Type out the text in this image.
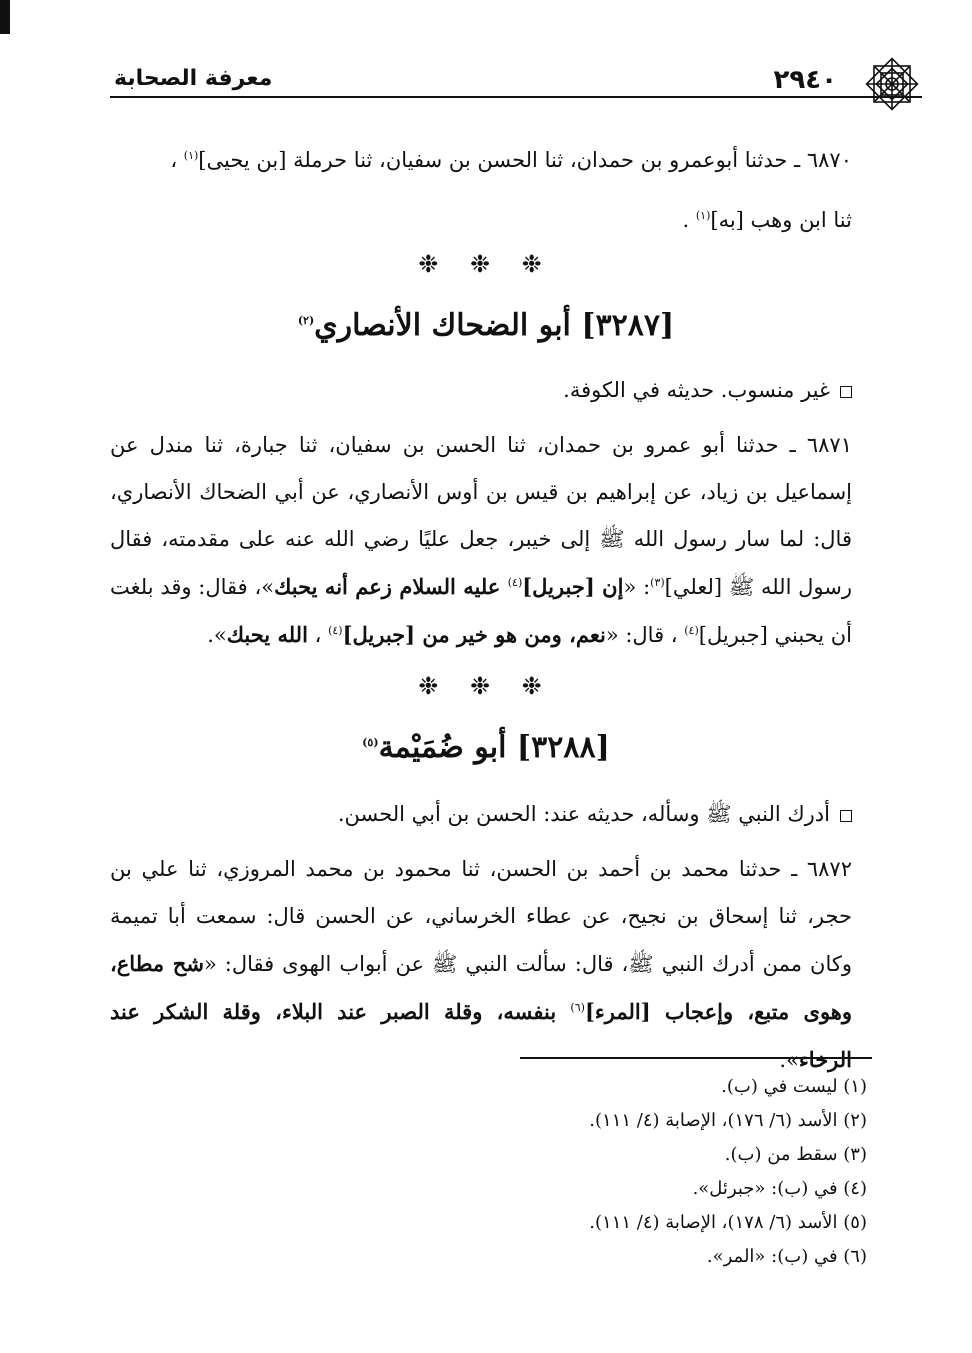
٢٩٤٠
معرفة الصحابة

٦٨٧٠ ـ حدثنا أبوعمرو بن حمدان، ثنا الحسن بن سفيان، ثنا حرملة [بن يحيى]$^{(١)}$ ،

ثنا ابن وهب [به]$^{(١)}$ .

❉ ❉ ❉
[٣٢٨٧] أبو الضحاك الأنصاري$^{(٢)}$

غير منسوب. حديثه في الكوفة.

٦٨٧١ ـ حدثنا أبو عمرو بن حمدان، ثنا الحسن بن سفيان، ثنا جبارة، ثنا مندل عن إسماعيل بن زياد، عن إبراهيم بن قيس بن أوس الأنصاري، عن أبي الضحاك الأنصاري، قال: لما سار رسول الله ﷺ إلى خيبر، جعل عليًا رضي الله عنه على مقدمته، فقال رسول الله ﷺ [لعلي]$^{(٣)}$: «إن [جبريل]$^{(٤)}$ عليه السلام زعم أنه يحبك»، فقال: وقد بلغت أن يحبني [جبريل]$^{(٤)}$ ، قال: «نعم، ومن هو خير من [جبريل]$^{(٤)}$ ، الله يحبك».

❉ ❉ ❉
[٣٢٨٨] أبو ضُمَيْمة$^{(٥)}$

أدرك النبي ﷺ وسأله، حديثه عند: الحسن بن أبي الحسن.

٦٨٧٢ ـ حدثنا محمد بن أحمد بن الحسن، ثنا محمود بن محمد المروزي، ثنا علي بن حجر، ثنا إسحاق بن نجيح، عن عطاء الخرساني، عن الحسن قال: سمعت أبا تميمة وكان ممن أدرك النبي ﷺ، قال: سألت النبي ﷺ عن أبواب الهوى فقال: «شح مطاع، وهوى متبع، وإعجاب [المرء]$^{(٦)}$ بنفسه، وقلة الصبر عند البلاء، وقلة الشكر عند الرخاء».

(١) ليست في (ب).
(٢) الأسد (٦/ ١٧٦)، الإصابة (٤/ ١١١).
(٣) سقط من (ب).
(٤) في (ب): «جبرئل».
(٥) الأسد (٦/ ١٧٨)، الإصابة (٤/ ١١١).
(٦) في (ب): «المر».
